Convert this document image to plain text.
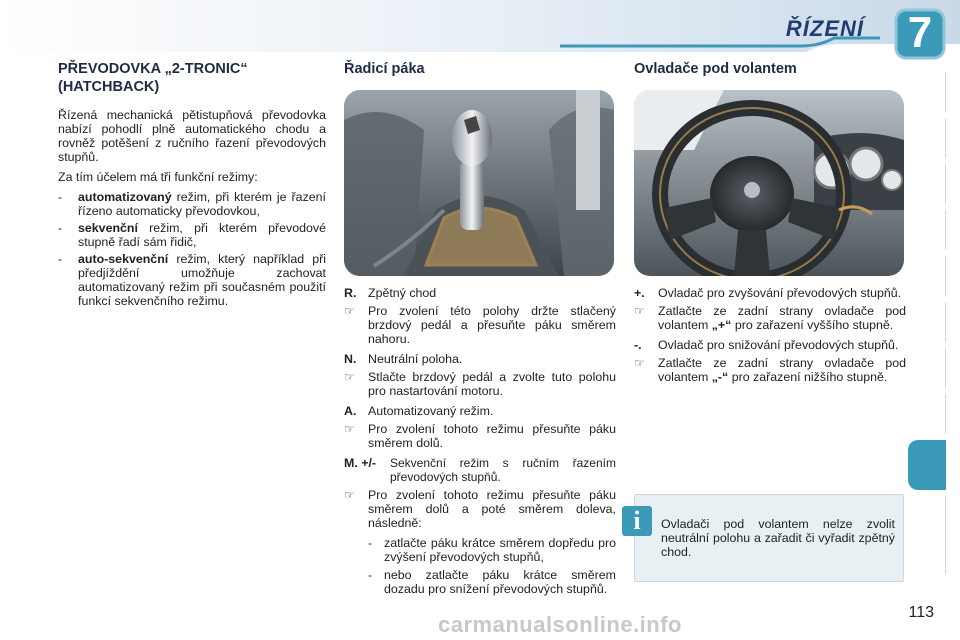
ŘÍZENÍ 7
PŘEVODOVKA „2-TRONIC“ (HATCHBACK)

Řízená mechanická pětistupňová převodovka nabízí pohodlí plně automatického chodu a rovněž potěšení z ručního řazení převodových stupňů.

Za tím účelem má tři funkční režimy:

-	automatizovaný režim, při kterém je řazení řízeno automaticky převodovkou,
-	sekvenční režim, při kterém převodové stupně řadí sám řidič,
-	auto-sekvenční režim, který například při předjíždění umožňuje zachovat automatizovaný režim při současném použití funkcí sekvenčního režimu.
Řadicí páka
R. Zpětný chod
☞	Pro zvolení této polohy držte stlačený brzdový pedál a přesuňte páku směrem nahoru.
N. Neutrální poloha.
☞	Stlačte brzdový pedál a zvolte tuto polohu pro nastartování motoru.
A. Automatizovaný režim.
☞	Pro zvolení tohoto režimu přesuňte páku směrem dolů.
M. +/-	Sekvenční režim s ručním řazením převodových stupňů.
☞	Pro zvolení tohoto režimu přesuňte páku směrem dolů a poté směrem doleva, následně:
- zatlačte páku krátce směrem dopředu pro zvýšení převodových stupňů,
- nebo zatlačte páku krátce směrem dozadu pro snížení převodových stupňů.
Ovladače pod volantem
+.	Ovladač pro zvyšování převodových stupňů.
☞	Zatlačte ze zadní strany ovladače pod volantem „+“ pro zařazení vyššího stupně.
-.	Ovladač pro snižování převodových stupňů.
☞	Zatlačte ze zadní strany ovladače pod volantem „-“ pro zařazení nižšího stupně.
Ovladači pod volantem nelze zvolit neutrální polohu a zařadit či vyřadit zpětný chod.
i
113
carmanualsonline.info
